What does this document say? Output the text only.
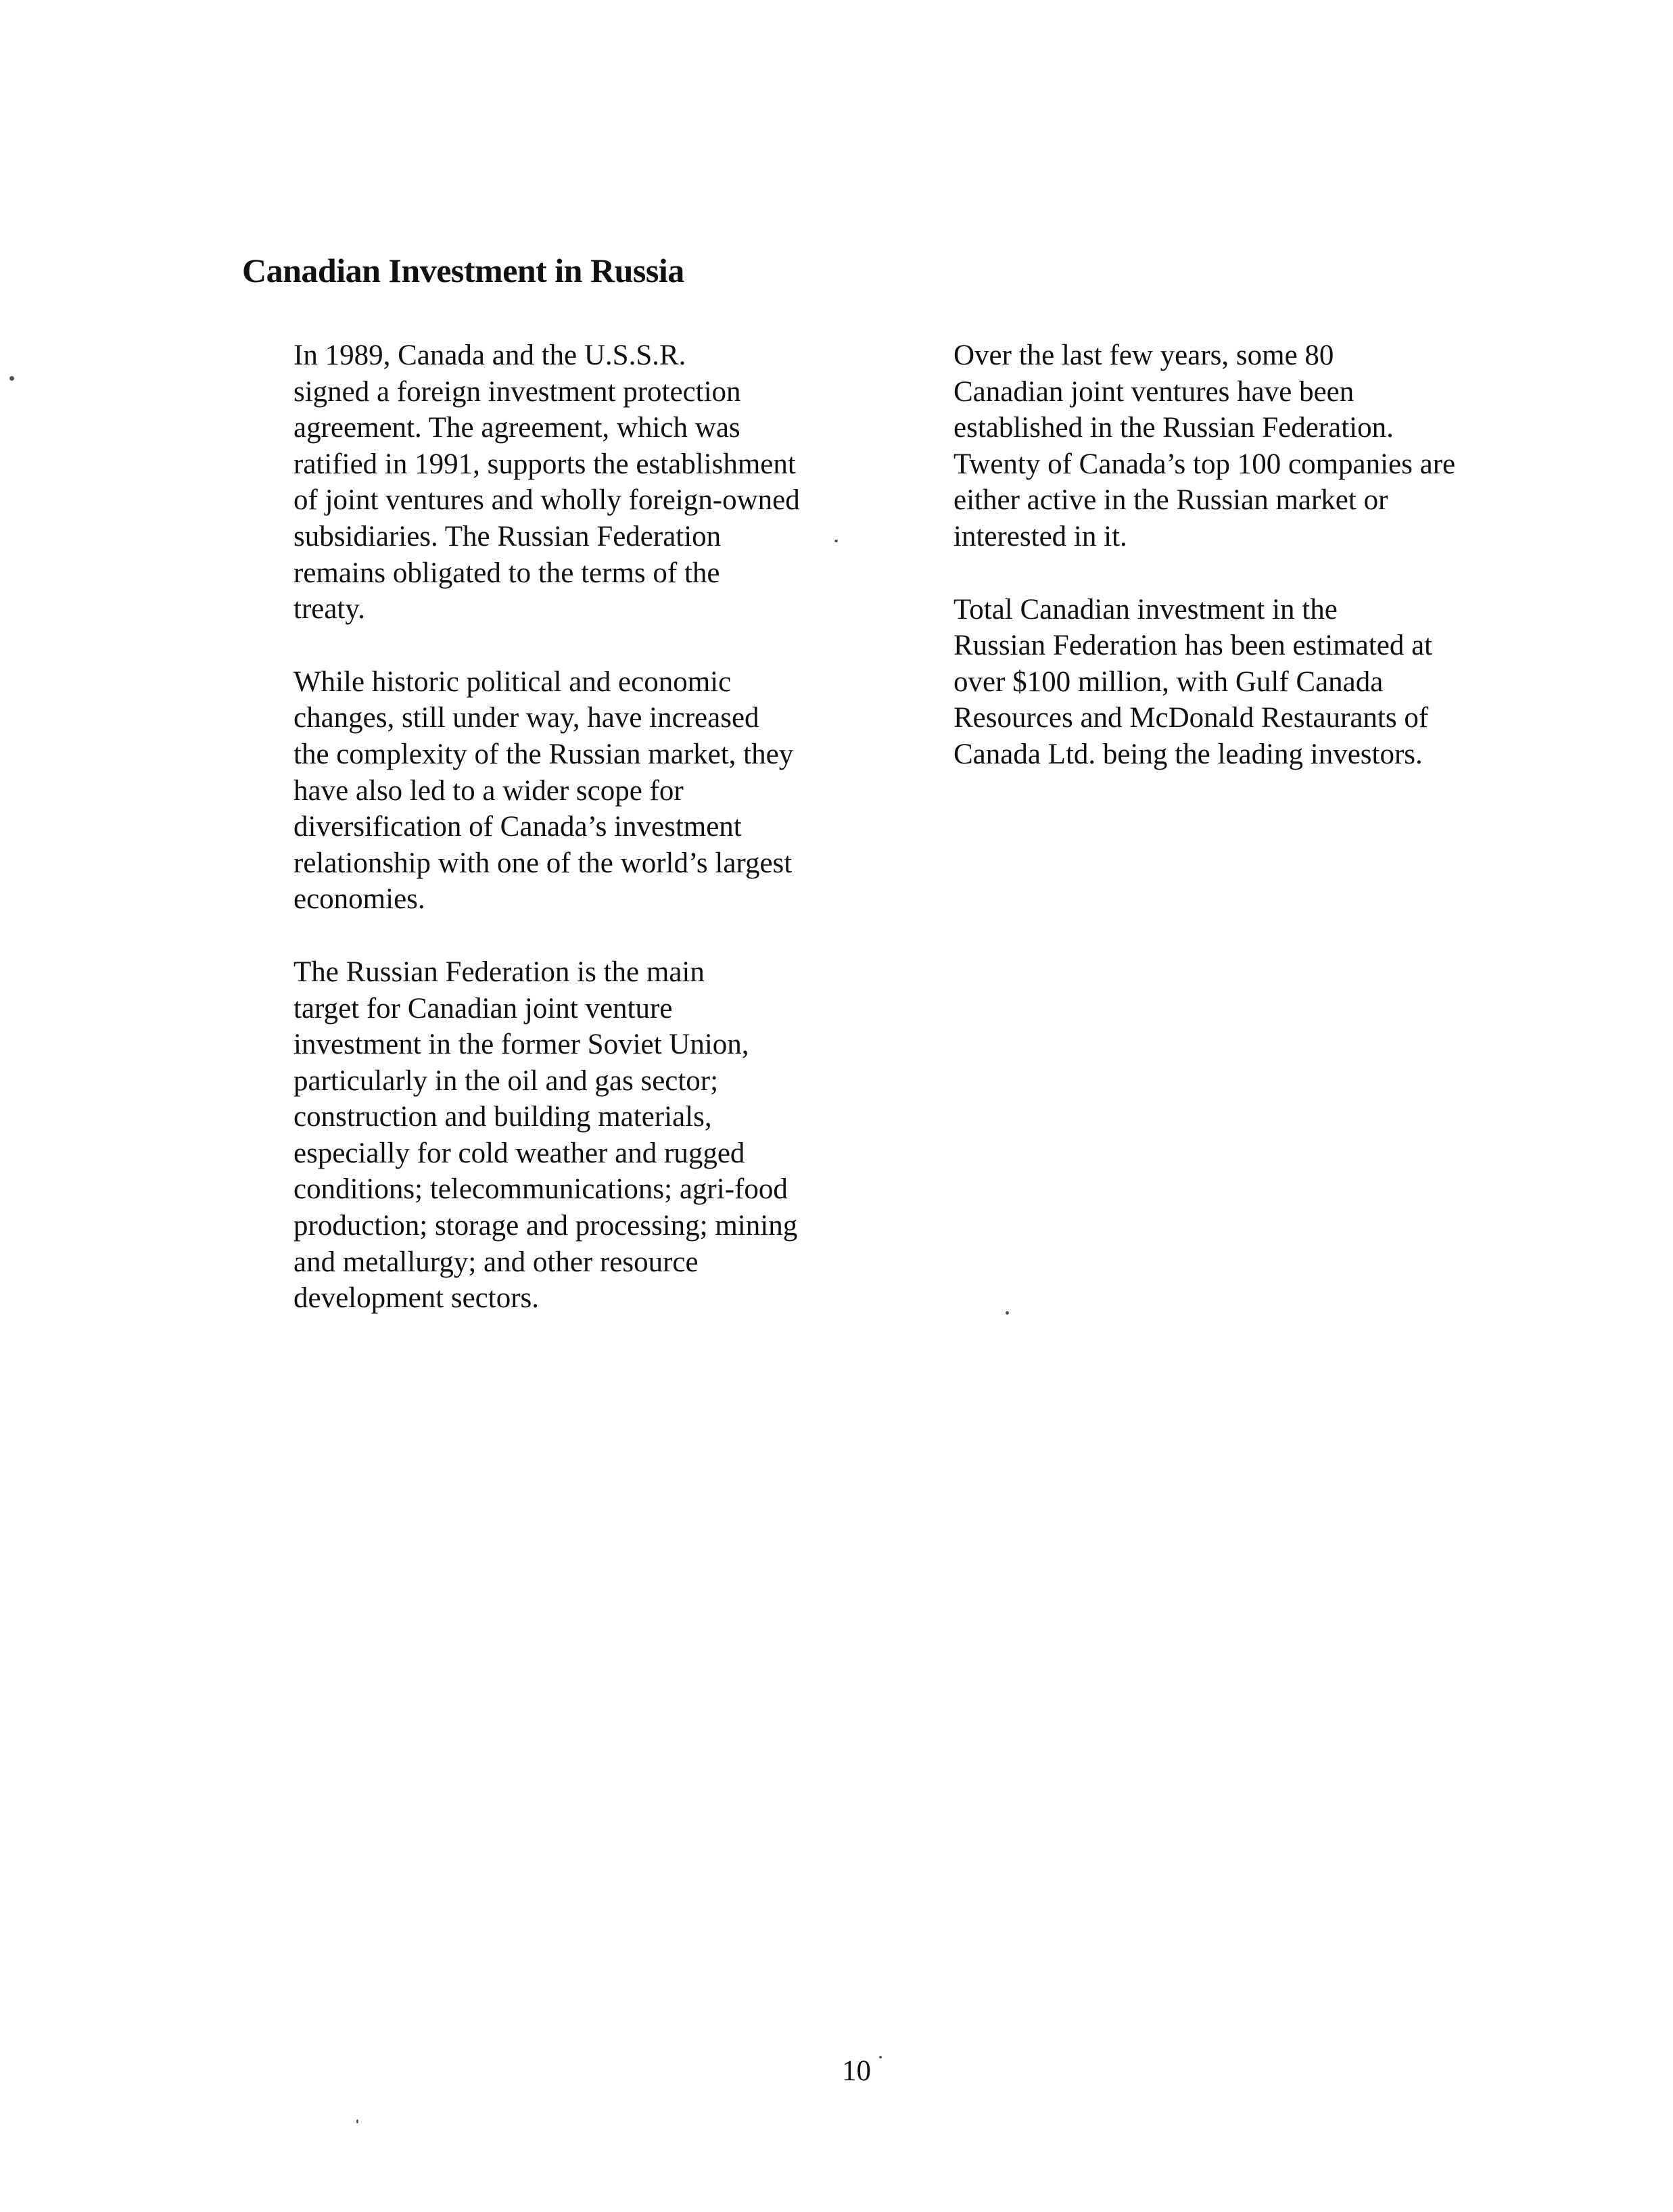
Canadian Investment in Russia

In 1989, Canada and the U.S.S.R.
signed a foreign investment protection
agreement. The agreement, which was
ratified in 1991, supports the establishment
of joint ventures and wholly foreign-owned
subsidiaries. The Russian Federation
remains obligated to the terms of the
treaty.

While historic political and economic
changes, still under way, have increased
the complexity of the Russian market, they
have also led to a wider scope for
diversification of Canada’s investment
relationship with one of the world’s largest
economies.

The Russian Federation is the main
target for Canadian joint venture
investment in the former Soviet Union,
particularly in the oil and gas sector;
construction and building materials,
especially for cold weather and rugged
conditions; telecommunications; agri-food
production; storage and processing; mining
and metallurgy; and other resource
development sectors.

Over the last few years, some 80
Canadian joint ventures have been
established in the Russian Federation.
Twenty of Canada’s top 100 companies are
either active in the Russian market or
interested in it.

Total Canadian investment in the
Russian Federation has been estimated at
over $100 million, with Gulf Canada
Resources and McDonald Restaurants of
Canada Ltd. being the leading investors.

10
